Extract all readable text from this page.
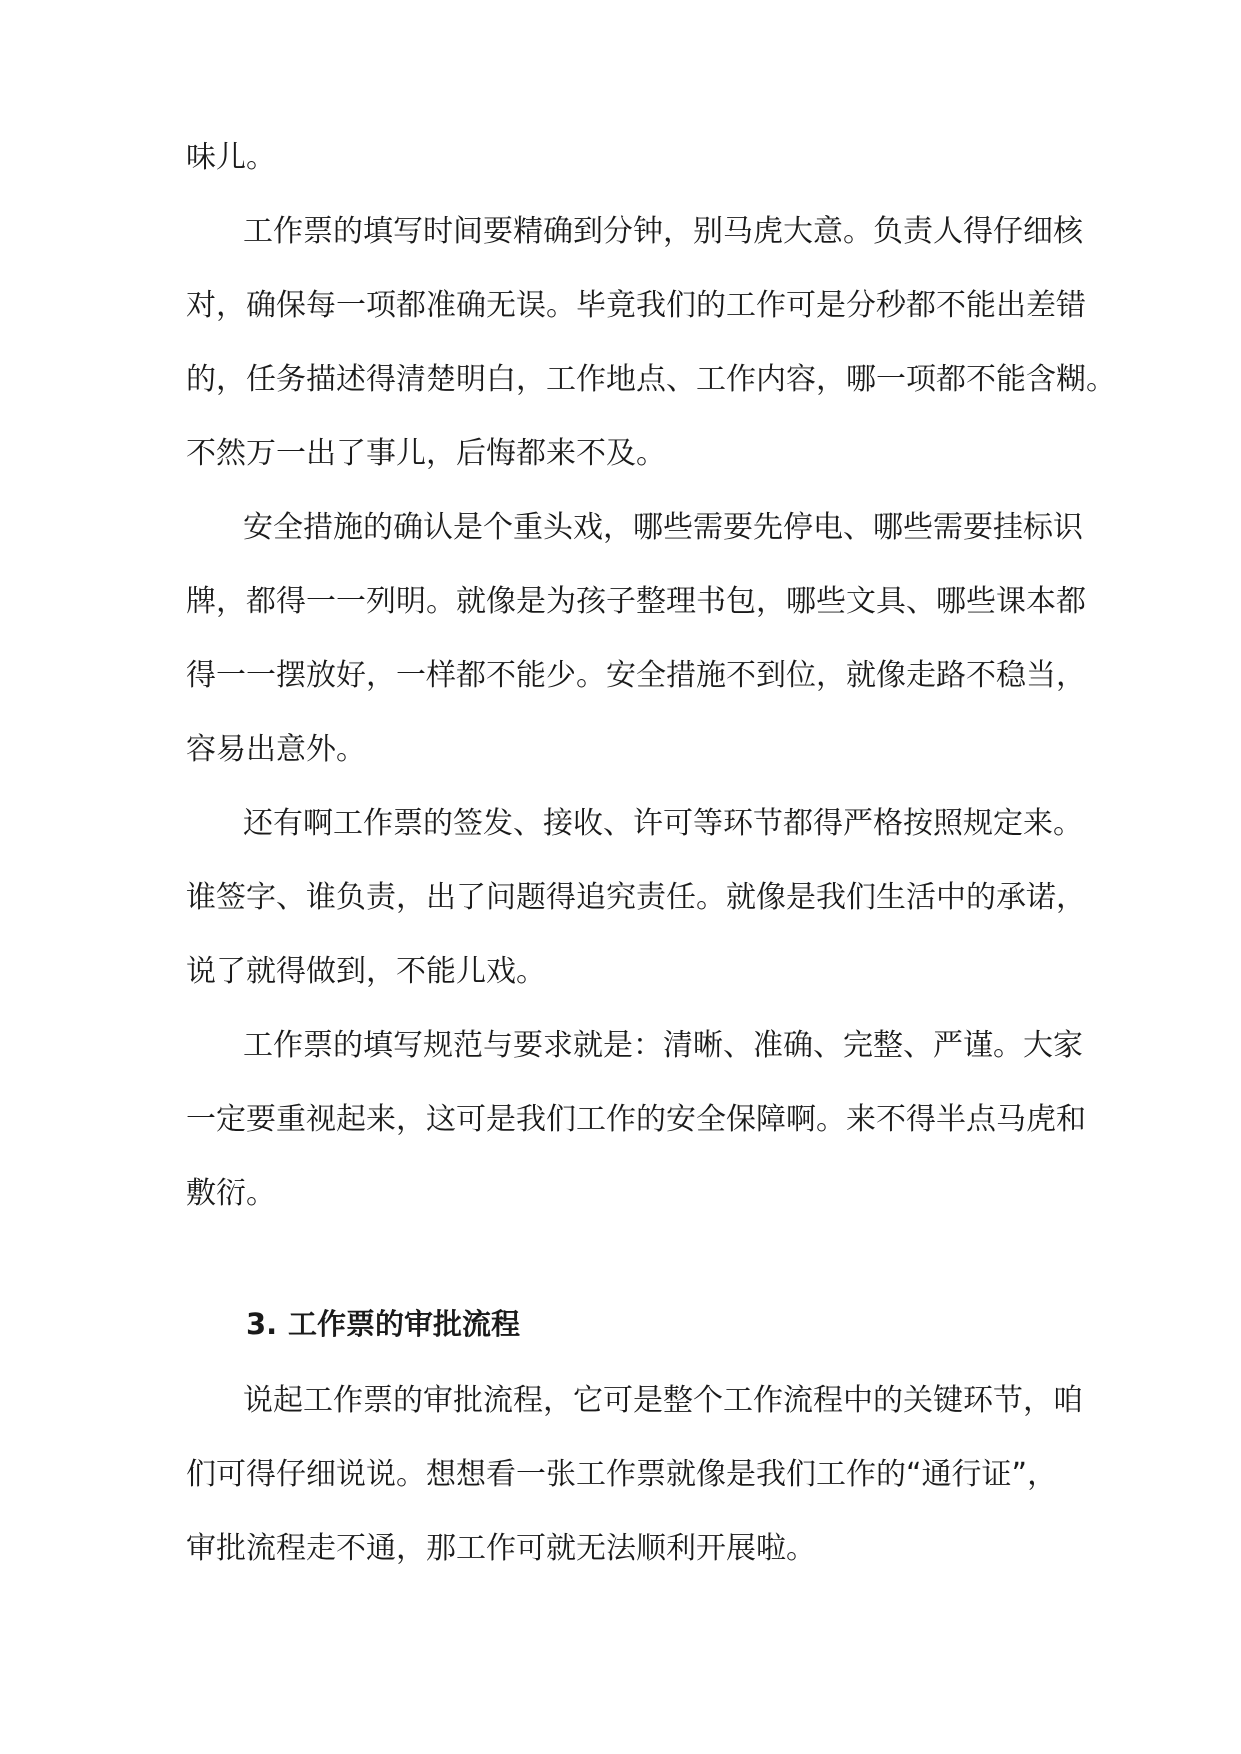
味儿。
工作票的填写时间要精确到分钟，别马虎大意。负责人得仔细核
对，确保每一项都准确无误。毕竟我们的工作可是分秒都不能出差错
的，任务描述得清楚明白，工作地点、工作内容，哪一项都不能含糊。
不然万一出了事儿，后悔都来不及。
安全措施的确认是个重头戏，哪些需要先停电、哪些需要挂标识
牌，都得一一列明。就像是为孩子整理书包，哪些文具、哪些课本都
得一一摆放好，一样都不能少。安全措施不到位，就像走路不稳当，
容易出意外。
还有啊工作票的签发、接收、许可等环节都得严格按照规定来。
谁签字、谁负责，出了问题得追究责任。就像是我们生活中的承诺，
说了就得做到，不能儿戏。
工作票的填写规范与要求就是：清晰、准确、完整、严谨。大家
一定要重视起来，这可是我们工作的安全保障啊。来不得半点马虎和
敷衍。
3. 工作票的审批流程
说起工作票的审批流程，它可是整个工作流程中的关键环节，咱
们可得仔细说说。想想看一张工作票就像是我们工作的“通行证”，
审批流程走不通，那工作可就无法顺利开展啦。
